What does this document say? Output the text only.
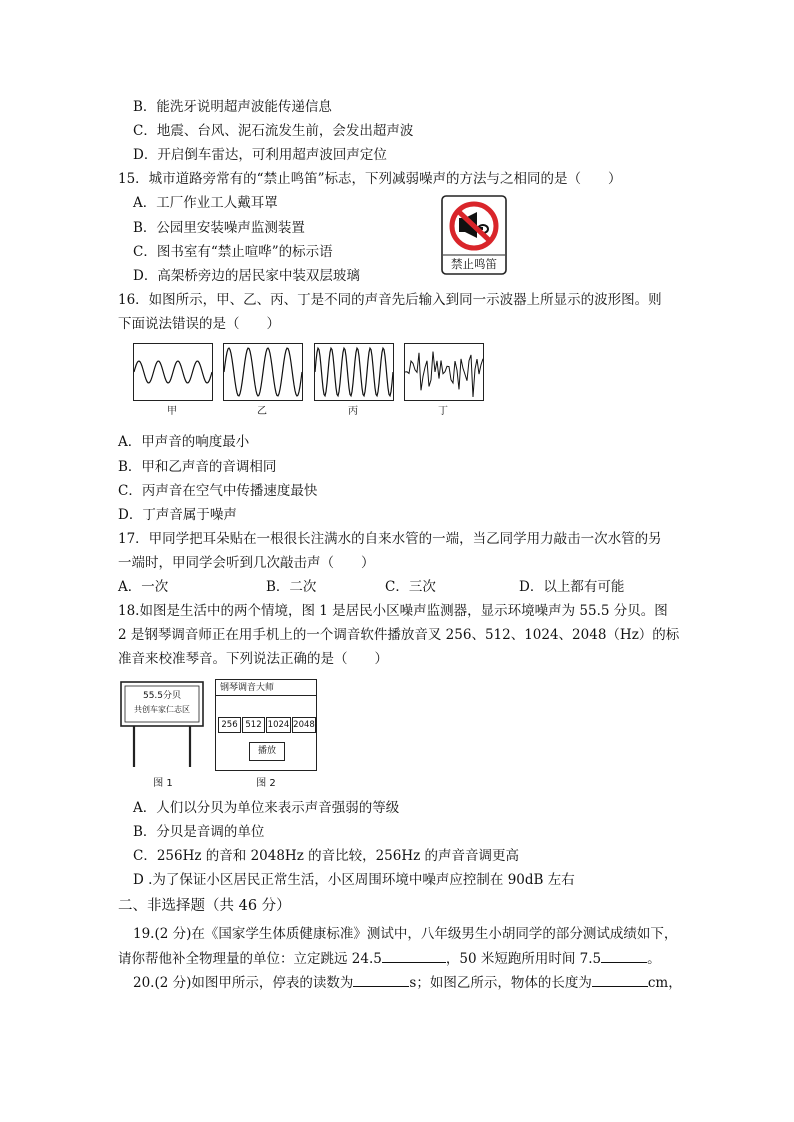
B．能洗牙说明超声波能传递信息
C．地震、台风、泥石流发生前，会发出超声波
D．开启倒车雷达，可利用超声波回声定位
15．城市道路旁常有的“禁止鸣笛”标志，下列减弱噪声的方法与之相同的是（　　）
A．工厂作业工人戴耳罩
B．公园里安装噪声监测装置
C．图书室有“禁止喧哗”的标示语
D．高架桥旁边的居民家中装双层玻璃
禁止鸣笛
16．如图所示，甲、乙、丙、丁是不同的声音先后输入到同一示波器上所显示的波形图。则
下面说法错误的是（　　）
甲	乙	丙	丁
A．甲声音的响度最小
B．甲和乙声音的音调相同
C．丙声音在空气中传播速度最快
D．丁声音属于噪声
17．甲同学把耳朵贴在一根很长注满水的自来水管的一端，当乙同学用力敲击一次水管的另
一端时，甲同学会听到几次敲击声（　　）
A．一次	B．二次	C．三次	D．以上都有可能
18.如图是生活中的两个情境，图 1 是居民小区噪声监测器，显示环境噪声为 55.5 分贝。图
2 是钢琴调音师正在用手机上的一个调音软件播放音叉 256、512、1024、2048（Hz）的标
准音来校准琴音。下列说法正确的是（　　）
55.5分贝
共创车家仁志区
图 1
钢琴调音大师
256 512 1024 2048
播放
图 2
A．人们以分贝为单位来表示声音强弱的等级
B．分贝是音调的单位
C．256Hz 的音和 2048Hz 的音比较，256Hz 的声音音调更高
D .为了保证小区居民正常生活，小区周围环境中噪声应控制在 90dB 左右
二、非选择题（共 46 分）
19.(2 分)在《国家学生体质健康标准》测试中，八年级男生小胡同学的部分测试成绩如下，
请你帮他补全物理量的单位：立定跳远 24.5	，50 米短跑所用时间 7.5	。
20.(2 分)如图甲所示，停表的读数为	s；如图乙所示，物体的长度为	cm，
